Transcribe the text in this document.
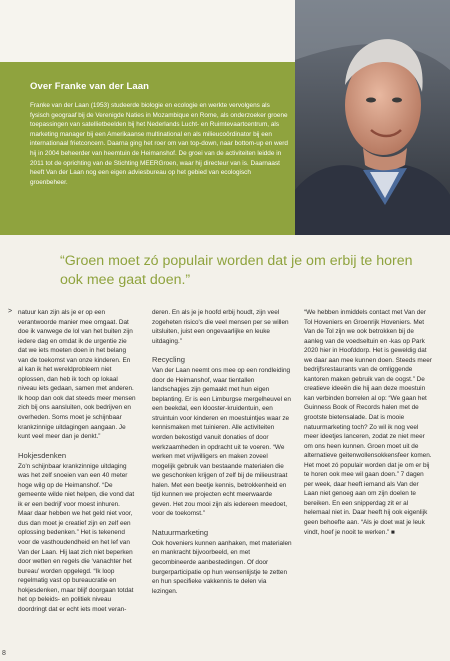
Over Franke van der Laan

Franke van der Laan (1953) studeerde biologie en ecologie en werkte vervolgens als fysisch geograaf bij de Verenigde Naties in Mozambique en Rome, als onderzoeker groene toepassingen van satellietbeelden bij het Nederlands Lucht- en Ruimtevaartcentrum, als marketing manager bij een Amerikaanse multinational en als milieucoördinator bij een internationaal frietconcern. Daarna ging het roer om van top-down, naar bottom-up en werd hij in 2004 beheerder van heemtuin de Heimanshof. De groei van de activiteiten leidde in 2011 tot de oprichting van de Stichting MEERGroen, waar hij directeur van is. Daarnaast heeft Van der Laan nog een eigen adviesbureau op het gebied van ecologisch groenbeheer.

“Groen moet zó populair worden dat je om erbij te horen ook mee gaat doen.”

> natuur kan zijn als je er op een verantwoorde manier mee omgaat. Dat doe ik vanwege de lol van het buiten zijn iedere dag en omdat ik de urgentie zie dat we iets moeten doen in het belang van de toekomst van onze kinderen. En al kan ik het wereldprobleem niet oplossen, dan heb ik toch op lokaal niveau iets gedaan, samen met anderen. Ik hoop dan ook dat steeds meer mensen zich bij ons aansluiten, ook bedrijven en overheden. Soms moet je schijnbaar krankzinnige uitdagingen aangaan. Je kunt veel meer dan je denkt.”

Hokjesdenken

Zo'n schijnbaar krankzinnige uitdaging was het zelf snoeien van een 40 meter hoge wilg op de Heimanshof. “De gemeente wilde niet helpen, die vond dat ik er een bedrijf voor moest inhuren. Maar daar hebben we het geld niet voor, dus dan moet je creatief zijn en zelf een oplossing bedenken.” Het is tekenend voor de vasthoudendheid en het lef van Van der Laan. Hij laat zich niet beperken door wetten en regels die ‘vanachter het bureau’ worden opgelegd. “Ik loop regelmatig vast op bureaucratie en hokjesdenken, maar blijf doorgaan totdat het op beleids- en politiek niveau doordringt dat er echt iets moet veran-

deren. En als je je hoofd erbij houdt, zijn veel zogeheten risico's die veel mensen per se willen uitsluiten, juist een ongevaarlijke en leuke uitdaging.”

Recycling

Van der Laan neemt ons mee op een rondleiding door de Heimanshof, waar tientallen landschapjes zijn gemaakt met hun eigen beplanting. Er is een Limburgse mergelheuvel en een beekdal, een klooster-kruidentuin, een struintuin voor kinderen en moestuintjes waar ze kennismaken met tuinieren. Alle activiteiten worden bekostigd vanuit donaties of door werkzaamheden in opdracht uit te voeren. “We werken met vrijwilligers en maken zoveel mogelijk gebruik van bestaande materialen die we geschonken krijgen of zelf bij de milieustraat halen. Met een beetje kennis, betrokkenheid en tijd kunnen we projecten echt meerwaarde geven. Het zou mooi zijn als iedereen meedoet, voor de toekomst.”

Natuurmarketing

Ook hoveniers kunnen aanhaken, met materialen en mankracht bijvoorbeeld, en met gecombineerde aanbestedingen. Of door burgerparticipatie op hun wensenlijstje te zetten en hun specifieke vakkennis te delen via lezingen.

“We hebben inmiddels contact met Van der Tol Hoveniers en Groenrijk Hoveniers. Met Van de Tol zijn we ook betrokken bij de aanleg van de voedseltuin en -kas op Park 2020 hier in Hoofddorp. Het is geweldig dat we daar aan mee kunnen doen. Steeds meer bedrijfsrestaurants van de omliggende kantoren maken gebruik van de oogst.” De creatieve ideeën die hij aan deze moestuin kan verbinden borrelen al op: “We gaan het Guinness Book of Records halen met de grootste bietensalade. Dat is mooie natuurmarketing toch? Zo wil ik nog veel meer ideetjes lanceren, zodat ze niet meer om ons heen kunnen. Groen moet uit de alternatieve geitenwollensokkensfeer komen. Het moet zó populair worden dat je om er bij te horen ook mee wil gaan doen.” 7 dagen per week, daar heeft iemand als Van der Laan niet genoeg aan om zijn doelen te bereiken. En een snipperdag zit er al helemaal niet in. Daar heeft hij ook eigenlijk geen behoefte aan. “Als je doet wat je leuk vindt, hoef je nooit te werken.” ■

8
